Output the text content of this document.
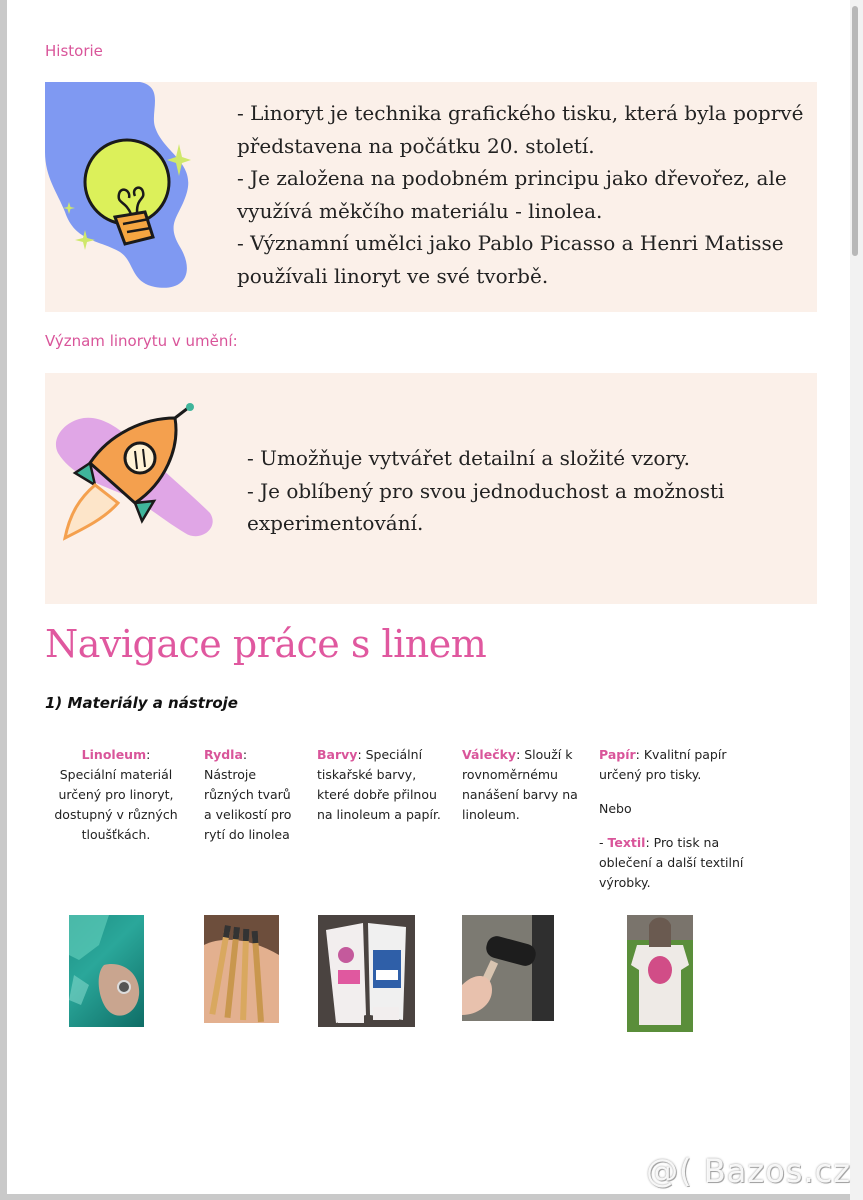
Historie
- Linoryt je technika grafického tisku, která byla poprvé
představena na počátku 20. století.
- Je založena na podobném principu jako dřevořez, ale
využívá měkčího materiálu - linolea.
- Významní umělci jako Pablo Picasso a Henri Matisse
používali linoryt ve své tvorbě.
Význam linorytu v umění:
- Umožňuje vytvářet detailní a složité vzory.
- Je oblíbený pro svou jednoduchost a možnosti
experimentování.
Navigace práce s linem
1) Materiály a nástroje
Linoleum:
Speciální materiál
určený pro linoryt,
dostupný v různých
tloušťkách.
Rydla:
Nástroje
různých tvarů
a velikostí pro
rytí do linolea
Barvy: Speciální
tiskařské barvy,
které dobře přilnou
na linoleum a papír.
Válečky: Slouží k
rovnoměrnému
nanášení barvy na
linoleum.
Papír: Kvalitní papír
určený pro tisky.
Nebo
- Textil: Pro tisk na
oblečení a další textilní
výrobky.
@( Bazos.cz
